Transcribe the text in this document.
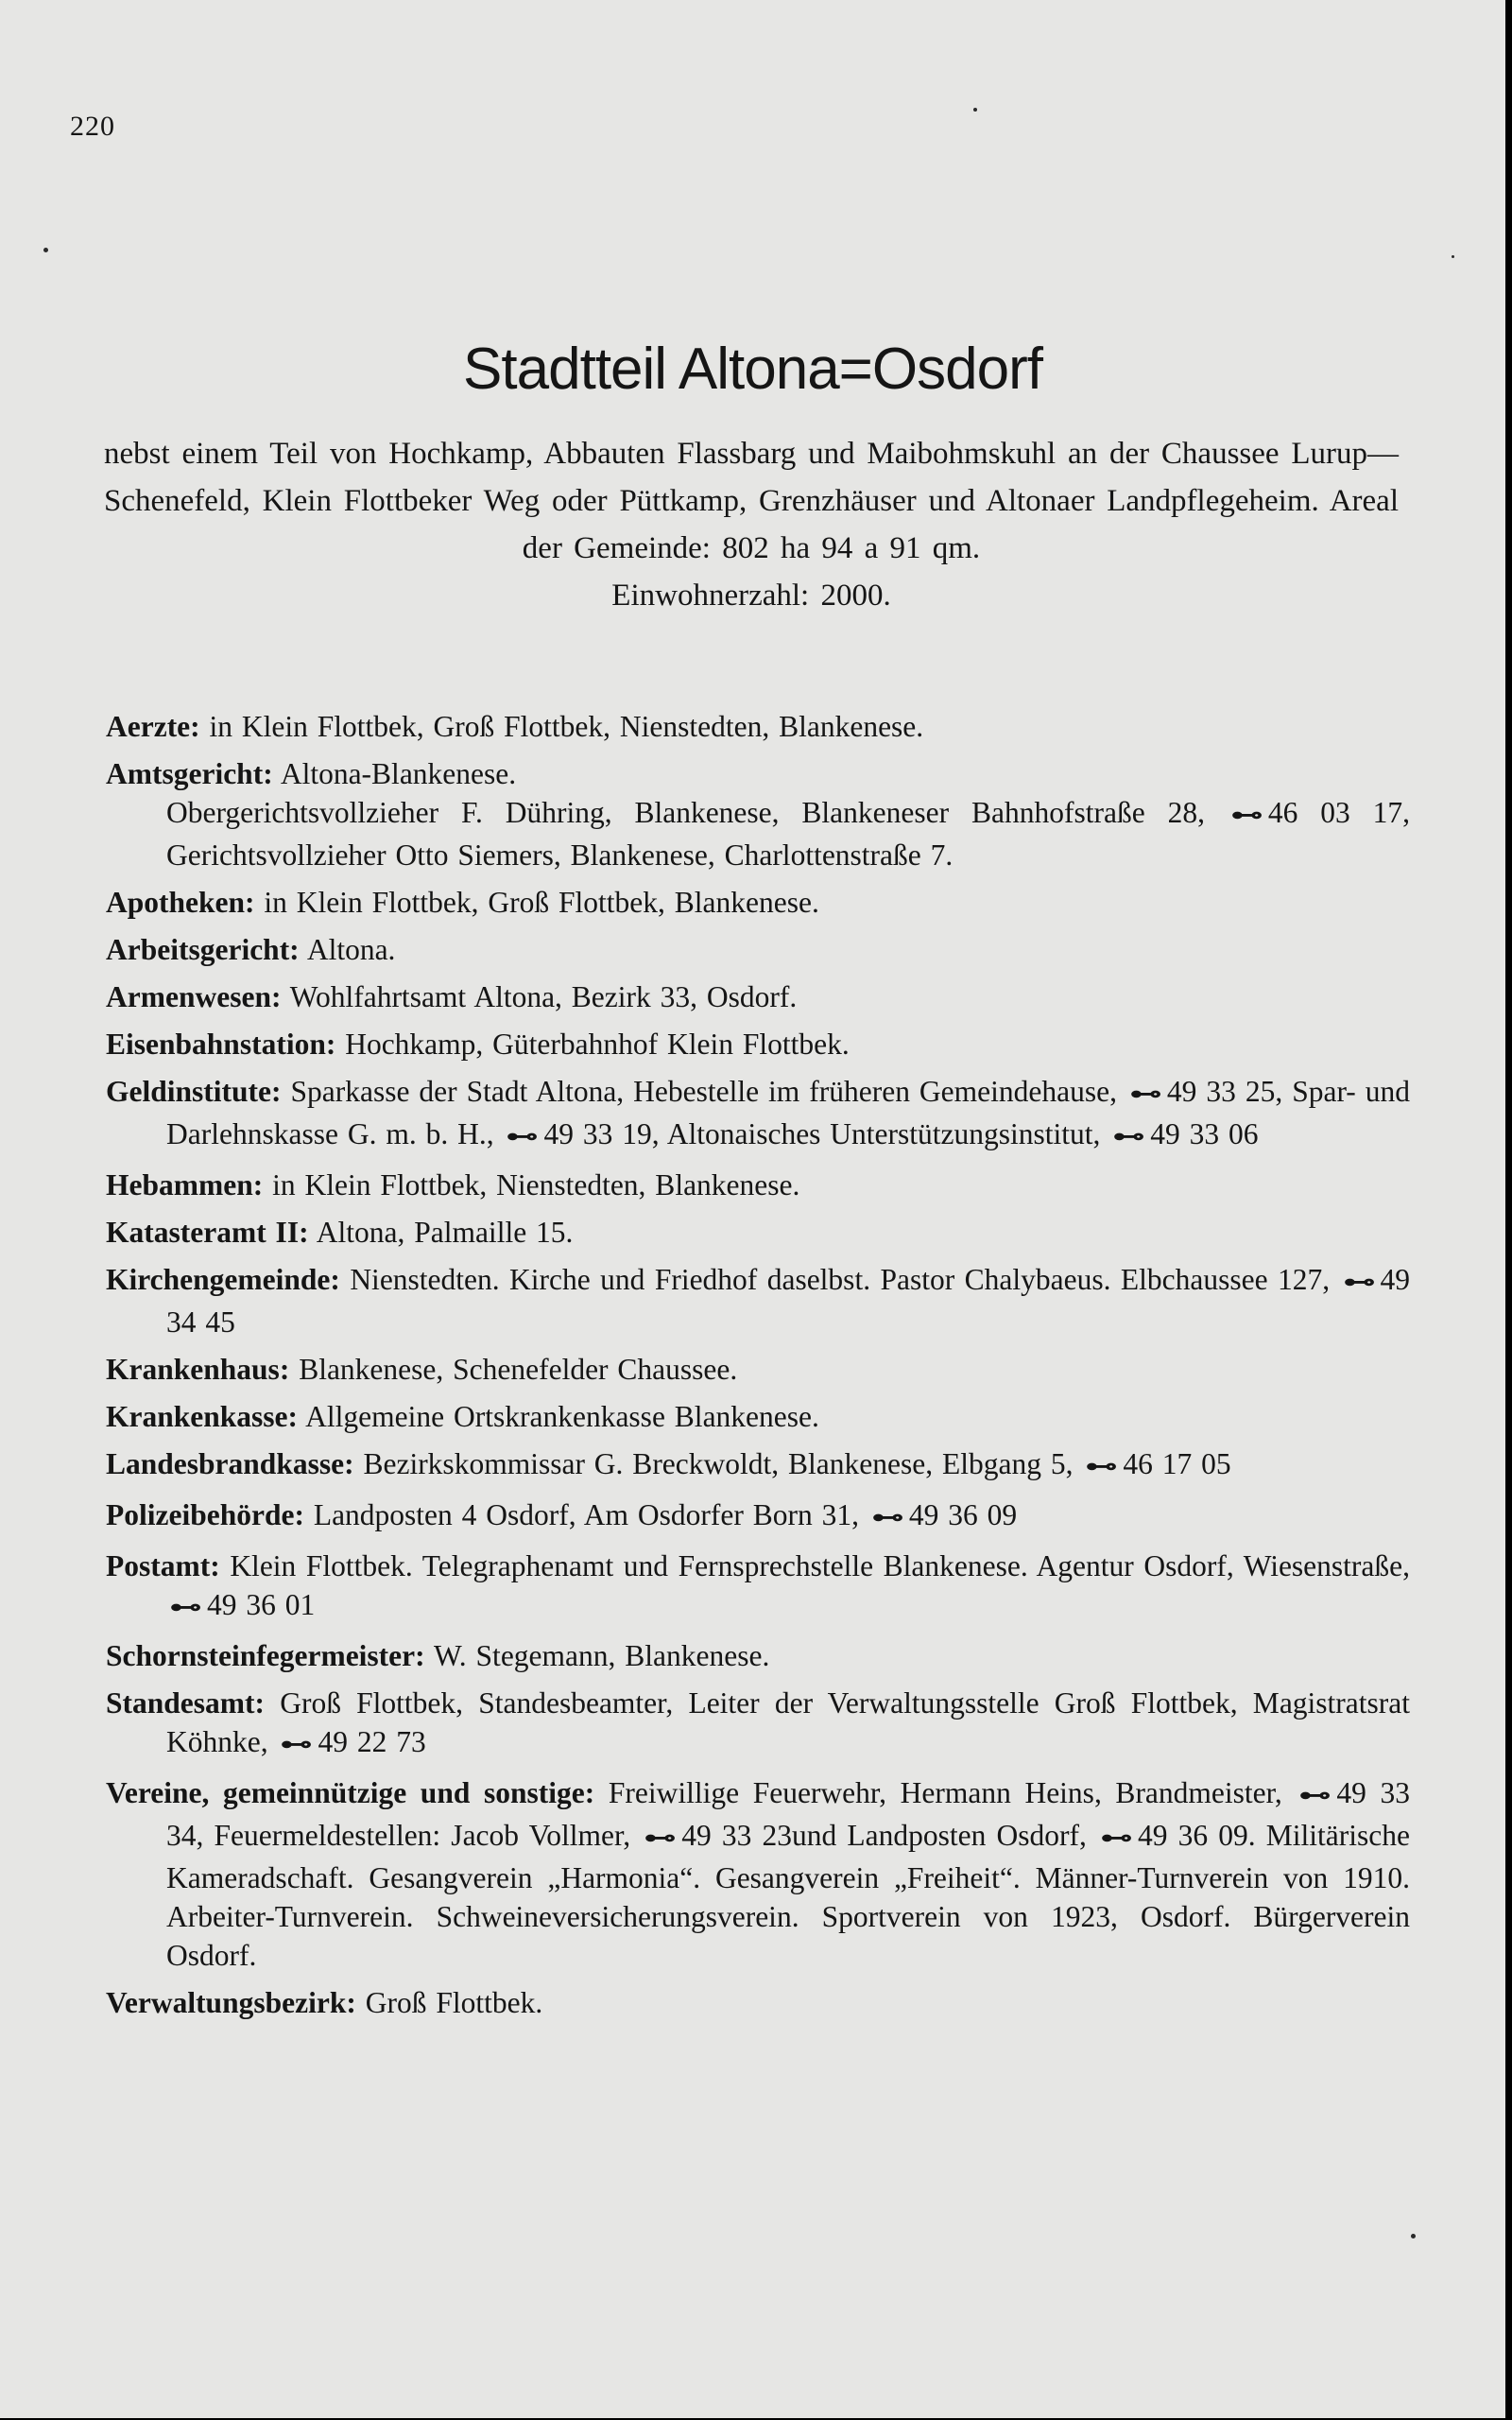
220
Stadtteil Altona=Osdorf
nebst einem Teil von Hochkamp, Abbauten Flassbarg und Maibohmskuhl an der Chaussee Lurup—Schenefeld, Klein Flottbeker Weg oder Püttkamp, Grenzhäuser und Altonaer Landpflegeheim. Areal der Gemeinde: 802 ha 94 a 91 qm.
Einwohnerzahl: 2000.
Aerzte: in Klein Flottbek, Groß Flottbek, Nienstedten, Blankenese.
Amtsgericht: Altona-Blankenese.
Obergerichtsvollzieher F. Dühring, Blankenese, Blankeneser Bahnhofstraße 28, ⊷ 46 03 17, Gerichtsvollzieher Otto Siemers, Blankenese, Charlottenstraße 7.
Apotheken: in Klein Flottbek, Groß Flottbek, Blankenese.
Arbeitsgericht: Altona.
Armenwesen: Wohlfahrtsamt Altona, Bezirk 33, Osdorf.
Eisenbahnstation: Hochkamp, Güterbahnhof Klein Flottbek.
Geldinstitute: Sparkasse der Stadt Altona, Hebestelle im früheren Gemeindehause, ⊷ 49 33 25, Spar- und Darlehnskasse G. m. b. H., ⊷ 49 33 19, Altonaisches Unterstützungsinstitut, ⊷ 49 33 06
Hebammen: in Klein Flottbek, Nienstedten, Blankenese.
Katasteramt II: Altona, Palmaille 15.
Kirchengemeinde: Nienstedten. Kirche und Friedhof daselbst. Pastor Chalybaeus. Elbchaussee 127, ⊷ 49 34 45
Krankenhaus: Blankenese, Schenefelder Chaussee.
Krankenkasse: Allgemeine Ortskrankenkasse Blankenese.
Landesbrandkasse: Bezirkskommissar G. Breckwoldt, Blankenese, Elbgang 5, ⊷ 46 17 05
Polizeibehörde: Landposten 4 Osdorf, Am Osdorfer Born 31, ⊷ 49 36 09
Postamt: Klein Flottbek. Telegraphenamt und Fernsprechstelle Blankenese. Agentur Osdorf, Wiesenstraße, ⊷ 49 36 01
Schornsteinfegermeister: W. Stegemann, Blankenese.
Standesamt: Groß Flottbek, Standesbeamter, Leiter der Verwaltungsstelle Groß Flottbek, Magistratsrat Köhnke, ⊷ 49 22 73
Vereine, gemeinnützige und sonstige: Freiwillige Feuerwehr, Hermann Heins, Brandmeister, ⊷ 49 33 34, Feuermeldestellen: Jacob Vollmer, ⊷ 49 33 23und Landposten Osdorf, ⊷ 49 36 09. Militärische Kameradschaft. Gesangverein „Harmonia“. Gesangverein „Freiheit“. Männer-Turnverein von 1910. Arbeiter-Turnverein. Schweineversicherungsverein. Sportverein von 1923, Osdorf. Bürgerverein Osdorf.
Verwaltungsbezirk: Groß Flottbek.
